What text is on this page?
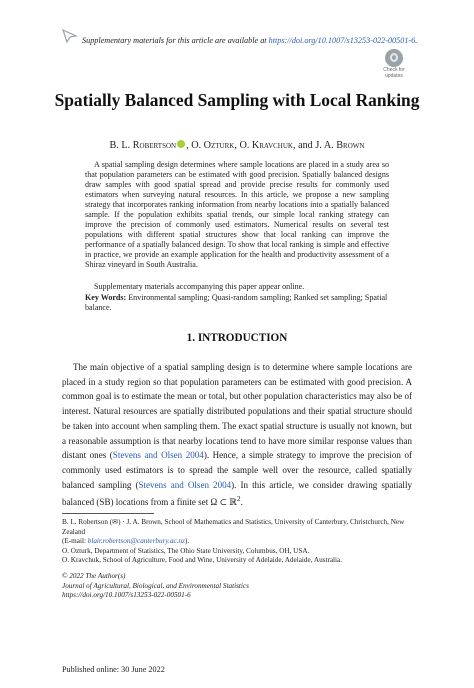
Supplementary materials for this article are available at https://doi.org/10.1007/s13253-022-00501-6.
Check for
updates
Spatially Balanced Sampling with Local Ranking
B. L. Robertson , O. Ozturk, O. Kravchuk, and J. A. Brown

A spatial sampling design determines where sample locations are placed in a study area so that population parameters can be estimated with good precision. Spatially balanced designs draw samples with good spatial spread and provide precise results for commonly used estimators when surveying natural resources. In this article, we propose a new sampling strategy that incorporates ranking information from nearby locations into a spatially balanced sample. If the population exhibits spatial trends, our simple local ranking strategy can improve the precision of commonly used estimators. Numerical results on several test populations with different spatial structures show that local ranking can improve the performance of a spatially balanced design. To show that local ranking is simple and effective in practice, we provide an example application for the health and productivity assessment of a Shiraz vineyard in South Australia.

Supplementary materials accompanying this paper appear online.

Key Words: Environmental sampling; Quasi-random sampling; Ranked set sampling; Spatial balance.

1. INTRODUCTION

The main objective of a spatial sampling design is to determine where sample locations are placed in a study region so that population parameters can be estimated with good precision. A common goal is to estimate the mean or total, but other population characteristics may also be of interest. Natural resources are spatially distributed populations and their spatial structure should be taken into account when sampling them. The exact spatial structure is usually not known, but a reasonable assumption is that nearby locations tend to have more similar response values than distant ones (Stevens and Olsen 2004). Hence, a simple strategy to improve the precision of commonly used estimators is to spread the sample well over the resource, called spatially balanced sampling (Stevens and Olsen 2004). In this article, we consider drawing spatially balanced (SB) locations from a finite set Ω ⊂ ℝ$^2$.

B. L. Robertson (✉) · J. A. Brown, School of Mathematics and Statistics, University of Canterbury, Christchurch, New Zealand

(E-mail: blair.robertson@canterbury.ac.nz).

O. Ozturk, Department of Statistics, The Ohio State University, Columbus, OH, USA.

O. Kravchuk, School of Agriculture, Food and Wine, University of Adelaide, Adelaide, Australia.

© 2022 The Author(s)

Journal of Agricultural, Biological, and Environmental Statistics

https://doi.org/10.1007/s13253-022-00501-6

Published online: 30 June 2022
